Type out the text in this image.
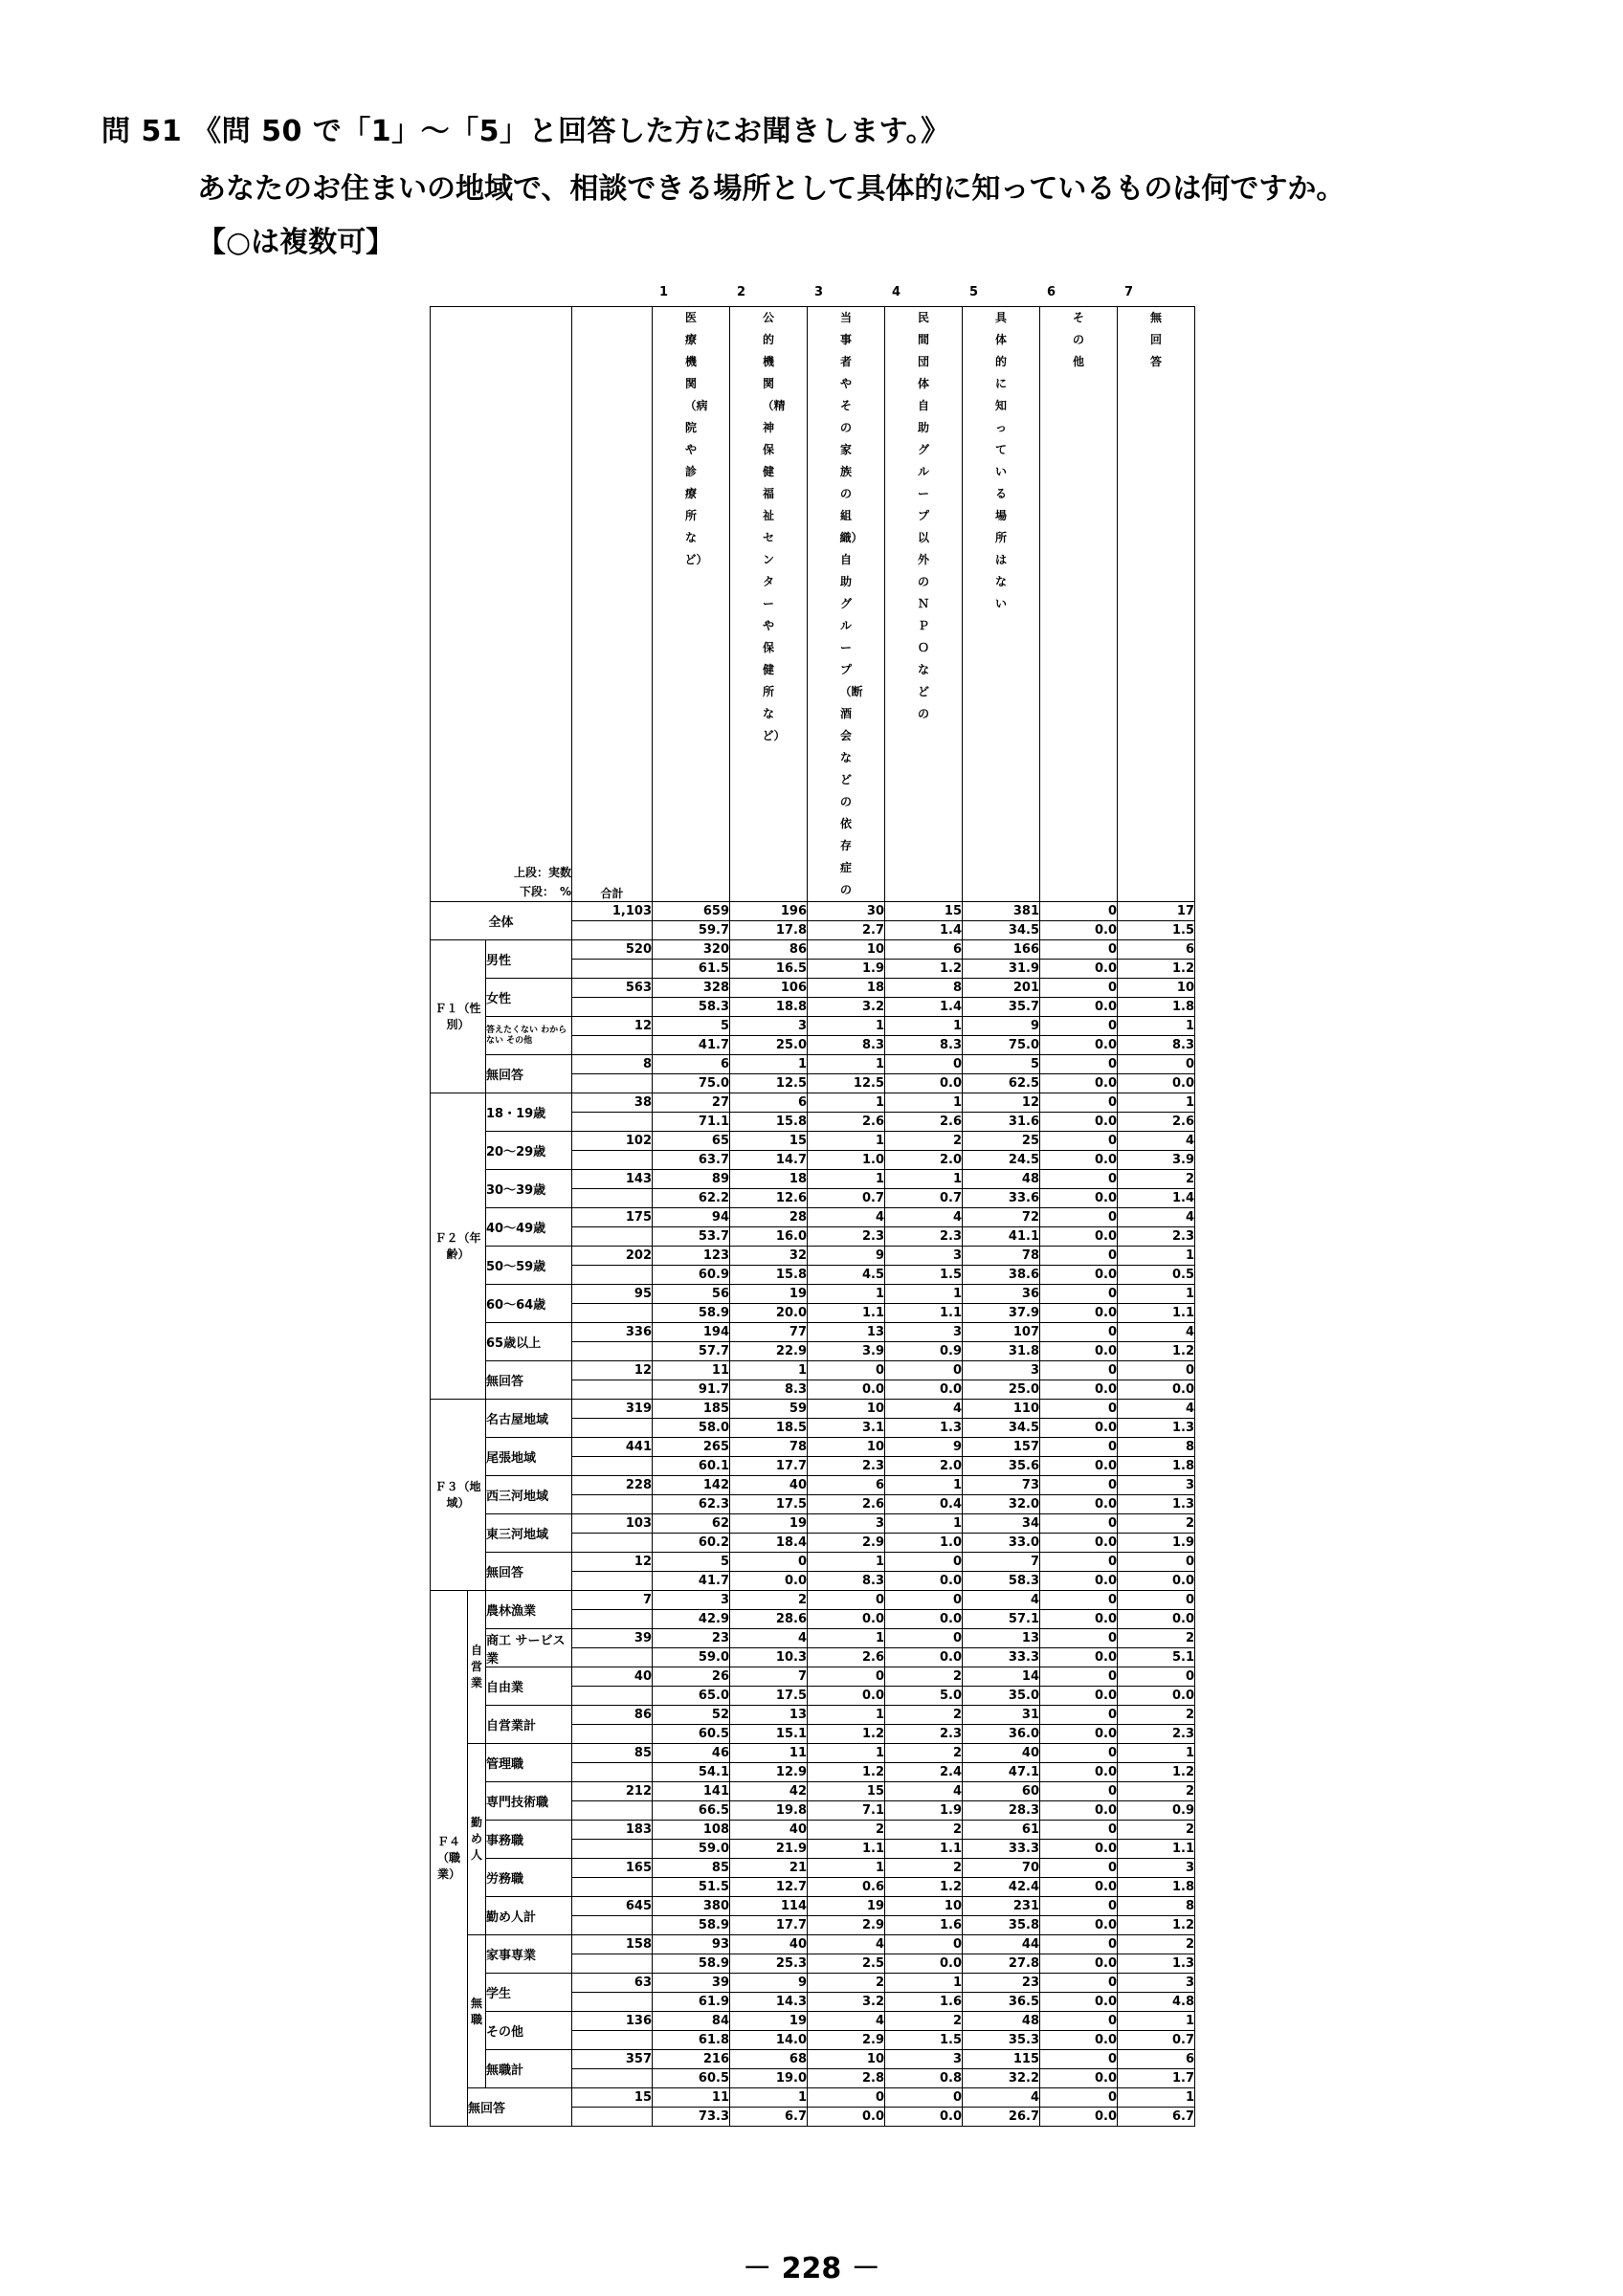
問 51 《問 50 で「1」～「5」と回答した方にお聞きします。》
あなたのお住まいの地域で、相談できる場所として具体的に知っているものは何ですか。
【○は複数可】
1	2	3	4	5	6	7
上段：実数
下段：　%			合計	医療機関（病院や診療所など）	公的機関（精神保健福祉センターや保健所など）	当事者やその家族の組織）自助グループ（断酒会などの依存症の	民間団体自助グループ以外のＮＰＯなどの	具体的に知っている場所はない	その他	無回答
全体			1,103	659	196	30	15	381	0	17
				59.7	17.8	2.7	1.4	34.5	0.0	1.5
Ｆ１（性別）		男性	520	320	86	10	6	166	0	6
				61.5	16.5	1.9	1.2	31.9	0.0	1.2
		女性	563	328	106	18	8	201	0	10
				58.3	18.8	3.2	1.4	35.7	0.0	1.8
		答えたくない わからない その他	12	5	3	1	1	9	0	1
				41.7	25.0	8.3	8.3	75.0	0.0	8.3
		無回答	8	6	1	1	0	5	0	0
				75.0	12.5	12.5	0.0	62.5	0.0	0.0
Ｆ２（年齢）		18・19歳	38	27	6	1	1	12	0	1
				71.1	15.8	2.6	2.6	31.6	0.0	2.6
		20～29歳	102	65	15	1	2	25	0	4
				63.7	14.7	1.0	2.0	24.5	0.0	3.9
		30～39歳	143	89	18	1	1	48	0	2
				62.2	12.6	0.7	0.7	33.6	0.0	1.4
		40～49歳	175	94	28	4	4	72	0	4
				53.7	16.0	2.3	2.3	41.1	0.0	2.3
		50～59歳	202	123	32	9	3	78	0	1
				60.9	15.8	4.5	1.5	38.6	0.0	0.5
		60～64歳	95	56	19	1	1	36	0	1
				58.9	20.0	1.1	1.1	37.9	0.0	1.1
		65歳以上	336	194	77	13	3	107	0	4
				57.7	22.9	3.9	0.9	31.8	0.0	1.2
		無回答	12	11	1	0	0	3	0	0
				91.7	8.3	0.0	0.0	25.0	0.0	0.0
Ｆ３（地域）		名古屋地域	319	185	59	10	4	110	0	4
				58.0	18.5	3.1	1.3	34.5	0.0	1.3
		尾張地域	441	265	78	10	9	157	0	8
				60.1	17.7	2.3	2.0	35.6	0.0	1.8
		西三河地域	228	142	40	6	1	73	0	3
				62.3	17.5	2.6	0.4	32.0	0.0	1.3
		東三河地域	103	62	19	3	1	34	0	2
				60.2	18.4	2.9	1.0	33.0	0.0	1.9
		無回答	12	5	0	1	0	7	0	0
				41.7	0.0	8.3	0.0	58.3	0.0	0.0
Ｆ４（職業）	自営業	農林漁業	7	3	2	0	0	4	0	0
				42.9	28.6	0.0	0.0	57.1	0.0	0.0
		商工 サービス業	39	23	4	1	0	13	0	2
				59.0	10.3	2.6	0.0	33.3	0.0	5.1
		自由業	40	26	7	0	2	14	0	0
				65.0	17.5	0.0	5.0	35.0	0.0	0.0
		自営業計	86	52	13	1	2	31	0	2
				60.5	15.1	1.2	2.3	36.0	0.0	2.3
	勤め人	管理職	85	46	11	1	2	40	0	1
				54.1	12.9	1.2	2.4	47.1	0.0	1.2
		専門技術職	212	141	42	15	4	60	0	2
				66.5	19.8	7.1	1.9	28.3	0.0	0.9
		事務職	183	108	40	2	2	61	0	2
				59.0	21.9	1.1	1.1	33.3	0.0	1.1
		労務職	165	85	21	1	2	70	0	3
				51.5	12.7	0.6	1.2	42.4	0.0	1.8
		勤め人計	645	380	114	19	10	231	0	8
				58.9	17.7	2.9	1.6	35.8	0.0	1.2
	無職	家事専業	158	93	40	4	0	44	0	2
				58.9	25.3	2.5	0.0	27.8	0.0	1.3
		学生	63	39	9	2	1	23	0	3
				61.9	14.3	3.2	1.6	36.5	0.0	4.8
		その他	136	84	19	4	2	48	0	1
				61.8	14.0	2.9	1.5	35.3	0.0	0.7
		無職計	357	216	68	10	3	115	0	6
				60.5	19.0	2.8	0.8	32.2	0.0	1.7
	無回答		15	11	1	0	0	4	0	1
				73.3	6.7	0.0	0.0	26.7	0.0	6.7
－ 228 －
